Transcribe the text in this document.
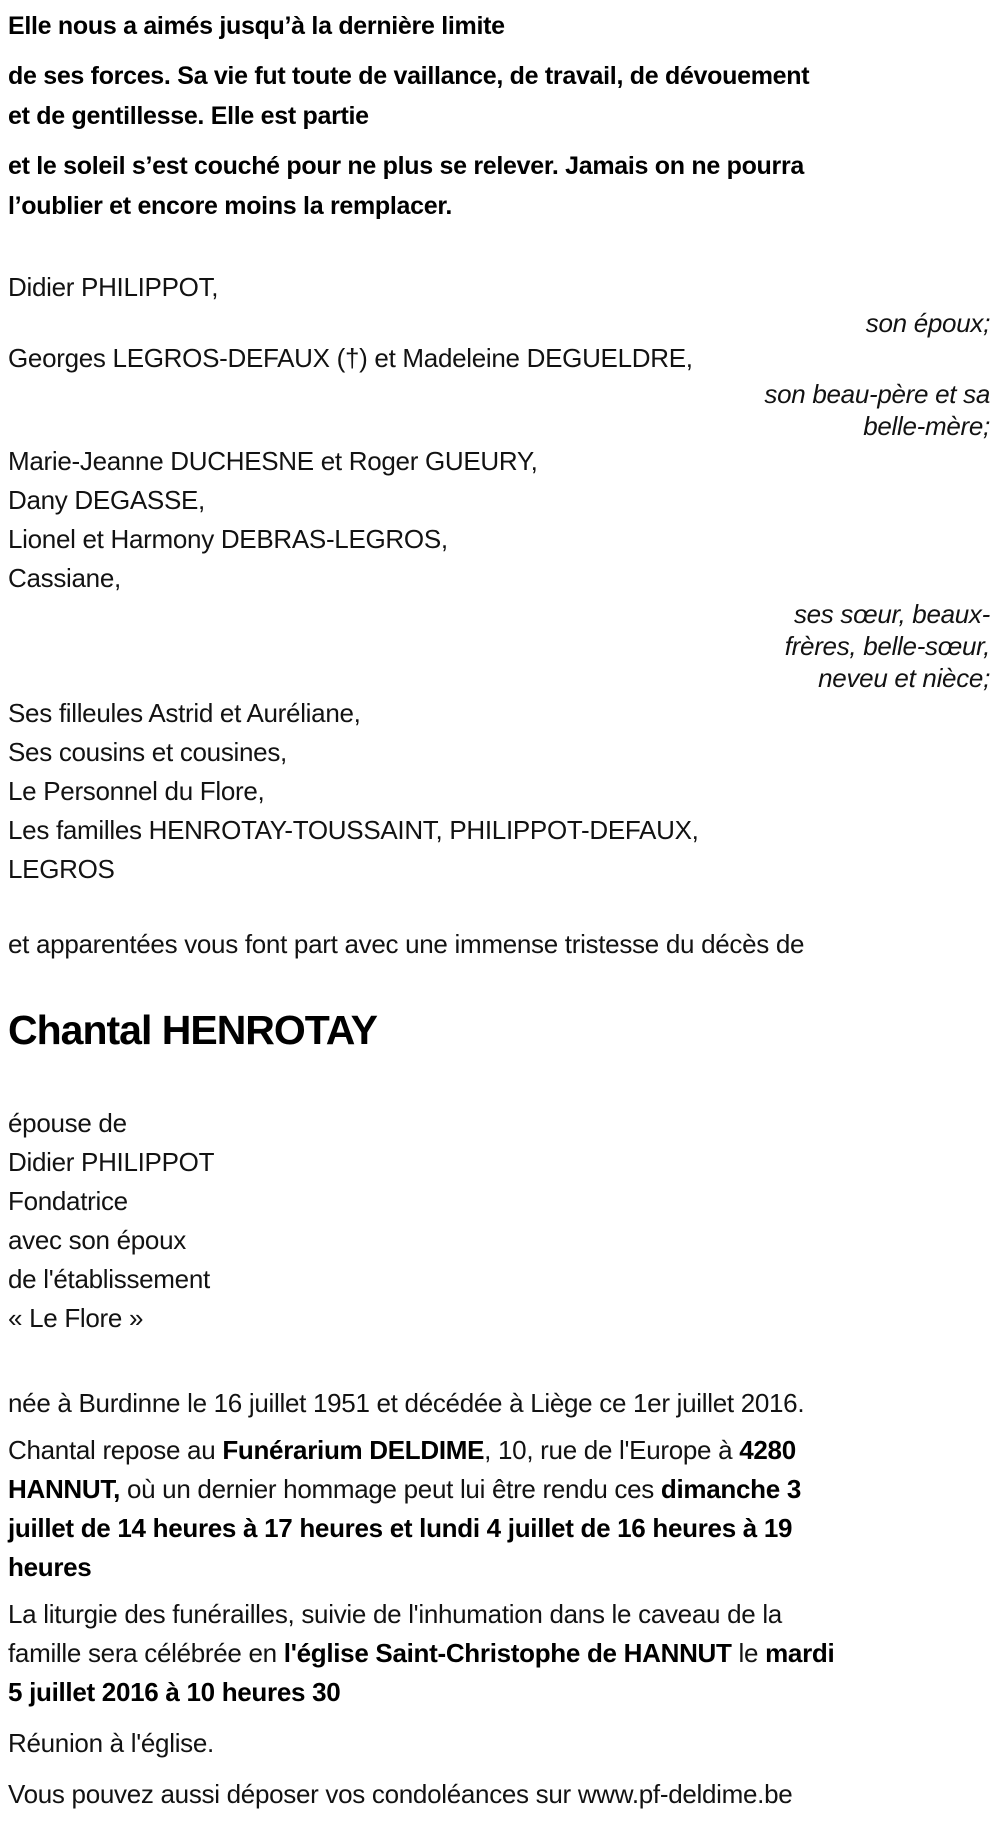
Elle nous a aimés jusqu’à la dernière limite
de ses forces. Sa vie fut toute de vaillance, de travail, de dévouement
et de gentillesse. Elle est partie
et le soleil s’est couché pour ne plus se relever. Jamais on ne pourra
l’oublier et encore moins la remplacer.
Didier PHILIPPOT,
son époux;
Georges LEGROS-DEFAUX (†) et Madeleine DEGUELDRE,
son beau-père et sa
belle-mère;
Marie-Jeanne DUCHESNE et Roger GUEURY,
Dany DEGASSE,
Lionel et Harmony DEBRAS-LEGROS,
Cassiane,
ses sœur, beaux-
frères, belle-sœur,
neveu et nièce;
Ses filleules Astrid et Auréliane,
Ses cousins et cousines,
Le Personnel du Flore,
Les familles HENROTAY-TOUSSAINT, PHILIPPOT-DEFAUX,
LEGROS
et apparentées vous font part avec une immense tristesse du décès de
Chantal HENROTAY
épouse de
Didier PHILIPPOT
Fondatrice
avec son époux
de l'établissement
« Le Flore »
née à Burdinne le 16 juillet 1951 et décédée à Liège ce 1er juillet 2016.
Chantal repose au Funérarium DELDIME, 10, rue de l'Europe à 4280
HANNUT, où un dernier hommage peut lui être rendu ces dimanche 3
juillet de 14 heures à 17 heures et lundi 4 juillet de 16 heures à 19
heures
La liturgie des funérailles, suivie de l'inhumation dans le caveau de la
famille sera célébrée en l'église Saint-Christophe de HANNUT le mardi
5 juillet 2016 à 10 heures 30
Réunion à l'église.
Vous pouvez aussi déposer vos condoléances sur www.pf-deldime.be
